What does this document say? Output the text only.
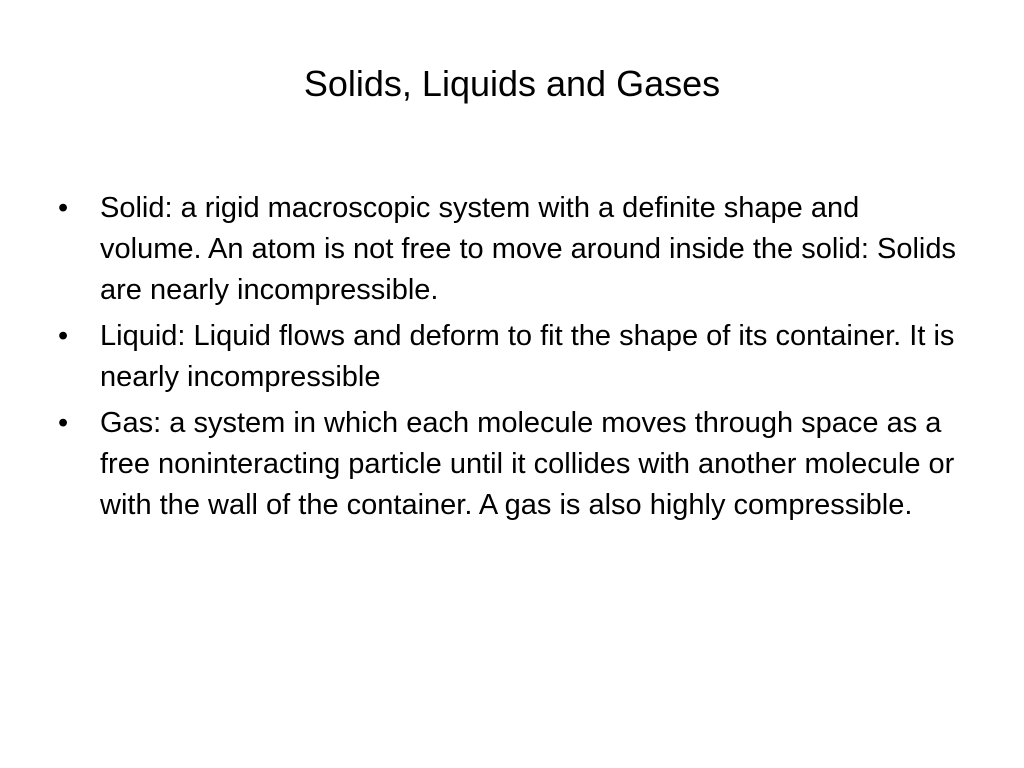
Solids, Liquids and Gases
•	Solid: a rigid macroscopic system with a definite shape and volume. An atom is not free to move around inside the solid: Solids are nearly incompressible.
•	Liquid: Liquid flows and deform to fit the shape of its container. It is nearly incompressible
•	Gas: a system in which each molecule moves through space as a free noninteracting particle until it collides with another molecule or with the wall of the container. A gas is also highly compressible.
